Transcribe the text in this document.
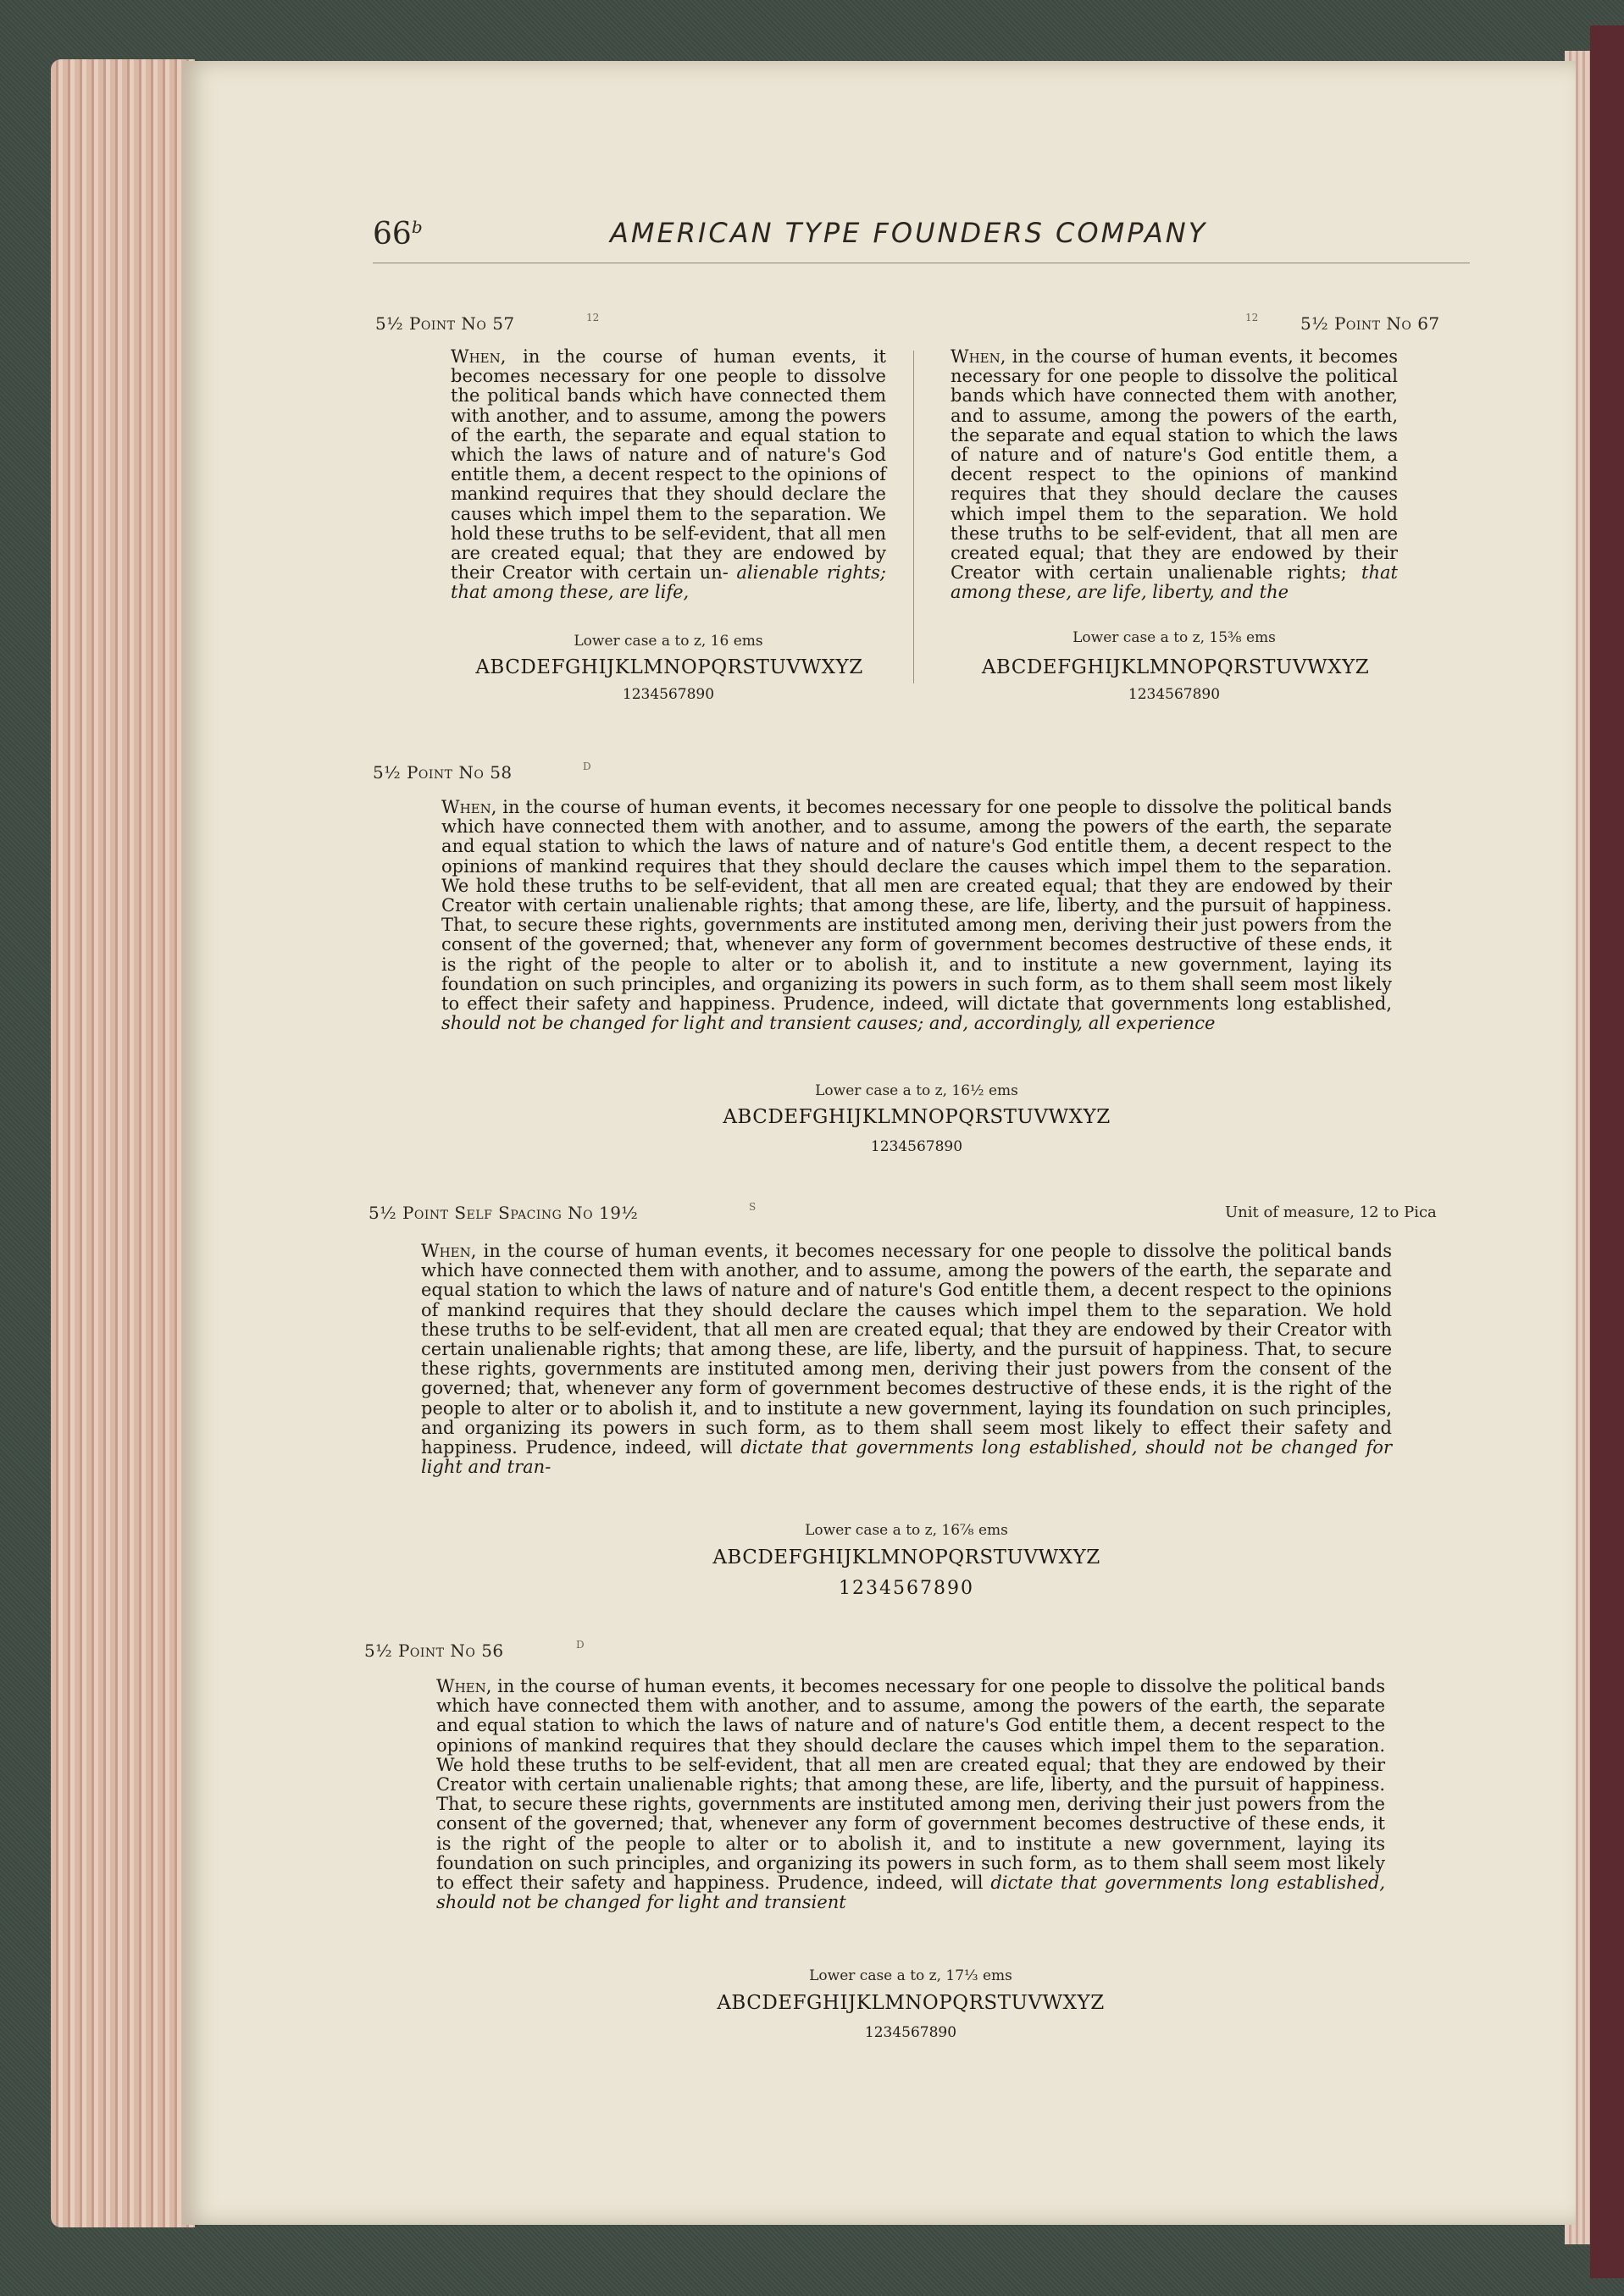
66$^b$	AMERICAN TYPE FOUNDERS COMPANY
5½ Point No 57	12

When, in the course of human events, it becomes necessary for one people to dissolve the political bands which have connected them with another, and to assume, among the powers of the earth, the separate and equal station to which the laws of nature and of nature's God entitle them, a decent respect to the opinions of mankind requires that they should declare the causes which impel them to the separation. We hold these truths to be self-evident, that all men are created equal; that they are endowed by their Creator with certain un- alienable rights; that among these, are life,

Lower case a to z, 16 ems
ABCDEFGHIJKLMNOPQRSTUVWXYZ
1234567890
12 5½ Point No 67

When, in the course of human events, it becomes necessary for one people to dissolve the political bands which have connected them with another, and to assume, among the powers of the earth, the separate and equal station to which the laws of nature and of nature's God entitle them, a decent respect to the opinions of mankind requires that they should declare the causes which impel them to the separation. We hold these truths to be self-evident, that all men are created equal; that they are endowed by their Creator with certain unalienable rights; that among these, are life, liberty, and the

Lower case a to z, 15⅜ ems
ABCDEFGHIJKLMNOPQRSTUVWXYZ
1234567890
5½ Point No 58	D

When, in the course of human events, it becomes necessary for one people to dissolve the political bands which have connected them with another, and to assume, among the powers of the earth, the separate and equal station to which the laws of nature and of nature's God entitle them, a decent respect to the opinions of mankind requires that they should declare the causes which impel them to the separation. We hold these truths to be self-evident, that all men are created equal; that they are endowed by their Creator with certain unalienable rights; that among these, are life, liberty, and the pursuit of happiness. That, to secure these rights, governments are instituted among men, deriving their just powers from the consent of the governed; that, whenever any form of government becomes destructive of these ends, it is the right of the people to alter or to abolish it, and to institute a new government, laying its foundation on such principles, and organizing its powers in such form, as to them shall seem most likely to effect their safety and happiness. Prudence, indeed, will dictate that governments long established, should not be changed for light and transient causes; and, accordingly, all experience

Lower case a to z, 16½ ems
ABCDEFGHIJKLMNOPQRSTUVWXYZ
1234567890
5½ Point Self Spacing No 19½	S	Unit of measure, 12 to Pica

When, in the course of human events, it becomes necessary for one people to dissolve the political bands which have connected them with another, and to assume, among the powers of the earth, the separate and equal station to which the laws of nature and of nature's God entitle them, a decent respect to the opinions of mankind requires that they should declare the causes which impel them to the separation. We hold these truths to be self-evident, that all men are created equal; that they are endowed by their Creator with certain unalienable rights; that among these, are life, liberty, and the pursuit of happiness. That, to secure these rights, governments are instituted among men, deriving their just powers from the consent of the governed; that, whenever any form of government becomes destructive of these ends, it is the right of the people to alter or to abolish it, and to institute a new government, laying its foundation on such principles, and organizing its powers in such form, as to them shall seem most likely to effect their safety and happiness. Prudence, indeed, will dictate that governments long established, should not be changed for light and tran-

Lower case a to z, 16⅞ ems
ABCDEFGHIJKLMNOPQRSTUVWXYZ
1234567890
5½ Point No 56	D

When, in the course of human events, it becomes necessary for one people to dissolve the political bands which have connected them with another, and to assume, among the powers of the earth, the separate and equal station to which the laws of nature and of nature's God entitle them, a decent respect to the opinions of mankind requires that they should declare the causes which impel them to the separation. We hold these truths to be self-evident, that all men are created equal; that they are endowed by their Creator with certain unalienable rights; that among these, are life, liberty, and the pursuit of happiness. That, to secure these rights, governments are instituted among men, deriving their just powers from the consent of the governed; that, whenever any form of government becomes destructive of these ends, it is the right of the people to alter or to abolish it, and to institute a new government, laying its foundation on such principles, and organizing its powers in such form, as to them shall seem most likely to effect their safety and happiness. Prudence, indeed, will dictate that governments long established, should not be changed for light and transient

Lower case a to z, 17⅓ ems
ABCDEFGHIJKLMNOPQRSTUVWXYZ
1234567890
